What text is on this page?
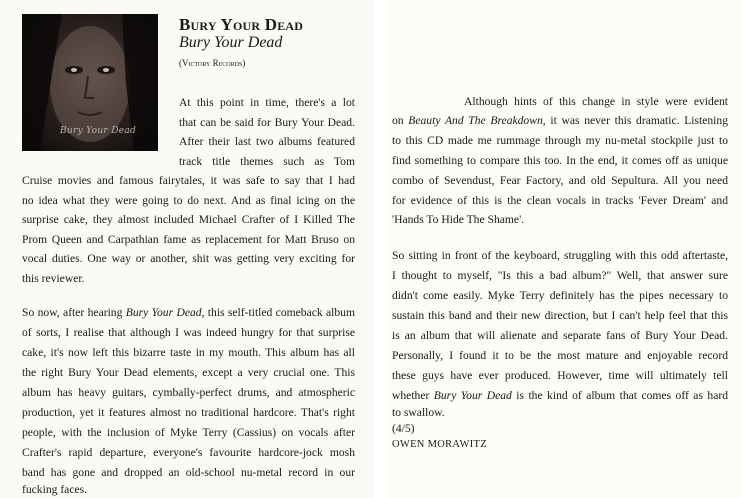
Bury Your Dead
Bury Your Dead
Bury Your Dead
(Victory Records)
At this point in time, there's a lot
that can be said for Bury Your Dead.
After their last two albums featured
track title themes such as Tom
Cruise movies and famous fairytales, it was safe to say that I had
no idea what they were going to do next. And as final icing on the
surprise cake, they almost included Michael Crafter of I Killed The
Prom Queen and Carpathian fame as replacement for Matt Bruso on
vocal duties. One way or another, shit was getting very exciting for
this reviewer.
So now, after hearing Bury Your Dead, this self-titled comeback album
of sorts, I realise that although I was indeed hungry for that surprise
cake, it's now left this bizarre taste in my mouth. This album has all
the right Bury Your Dead elements, except a very crucial one. This
album has heavy guitars, cymbally-perfect drums, and atmospheric
production, yet it features almost no traditional hardcore. That's right
people, with the inclusion of Myke Terry (Cassius) on vocals after
Crafter's rapid departure, everyone's favourite hardcore-jock mosh
band has gone and dropped an old-school nu-metal record in our
fucking faces.
Although hints of this change in style were evident
on Beauty And The Breakdown, it was never this dramatic. Listening
to this CD made me rummage through my nu-metal stockpile just to
find something to compare this too. In the end, it comes off as unique
combo of Sevendust, Fear Factory, and old Sepultura. All you need
for evidence of this is the clean vocals in tracks 'Fever Dream' and
'Hands To Hide The Shame'.
So sitting in front of the keyboard, struggling with this odd aftertaste,
I thought to myself, "Is this a bad album?" Well, that answer sure
didn't come easily. Myke Terry definitely has the pipes necessary to
sustain this band and their new direction, but I can't help feel that this
is an album that will alienate and separate fans of Bury Your Dead.
Personally, I found it to be the most mature and enjoyable record
these guys have ever produced. However, time will ultimately tell
whether Bury Your Dead is the kind of album that comes off as hard
to swallow.
(4/5)
OWEN MORAWITZ
